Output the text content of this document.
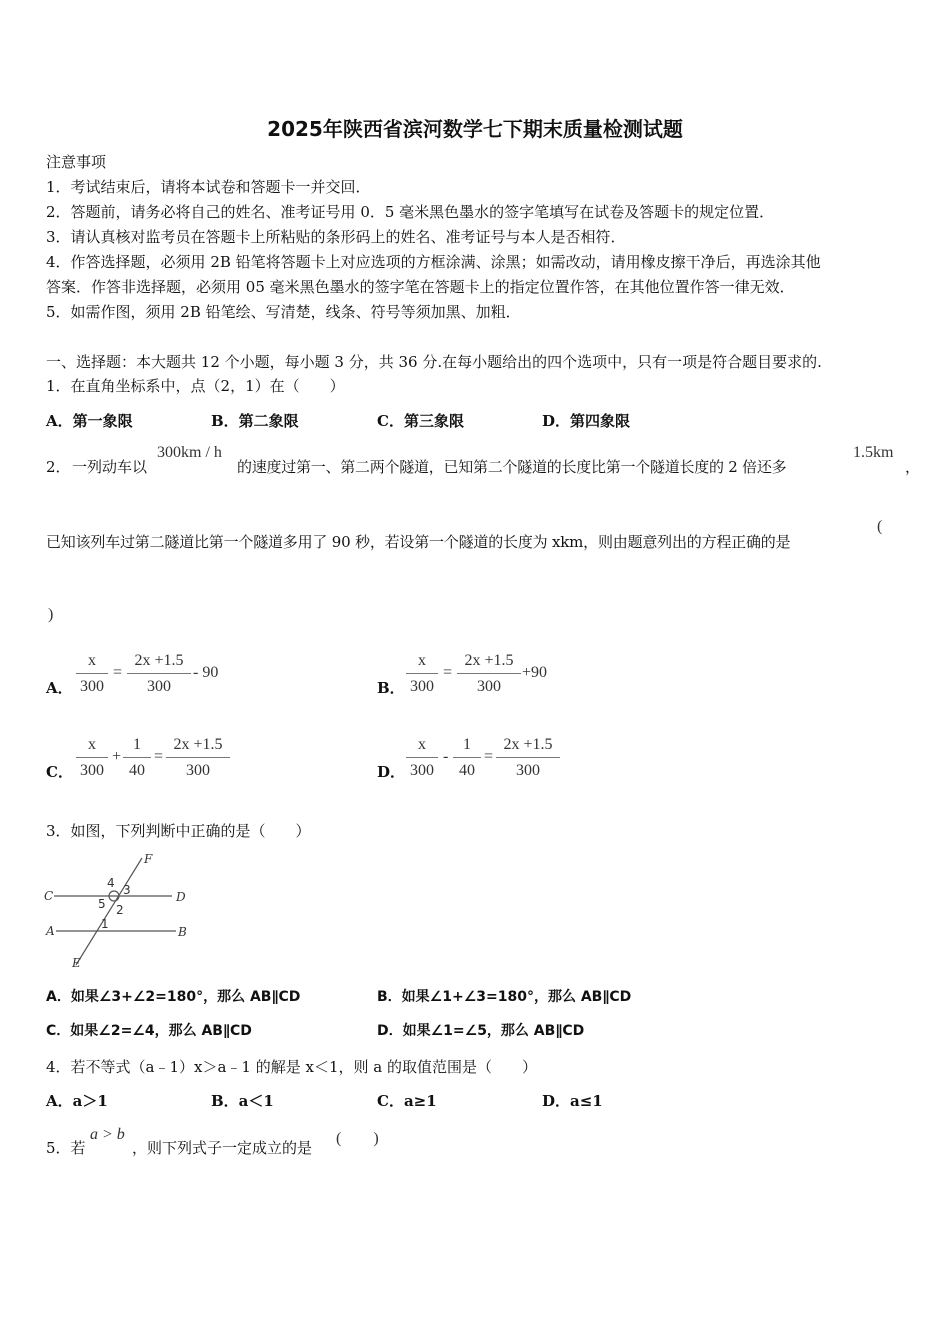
2025年陕西省滨河数学七下期末质量检测试题
注意事项
1．考试结束后，请将本试卷和答题卡一并交回．
2．答题前，请务必将自己的姓名、准考证号用 0．5 毫米黑色墨水的签字笔填写在试卷及答题卡的规定位置．
3．请认真核对监考员在答题卡上所粘贴的条形码上的姓名、准考证号与本人是否相符．
4．作答选择题，必须用 2B 铅笔将答题卡上对应选项的方框涂满、涂黑；如需改动，请用橡皮擦干净后，再选涂其他
答案．作答非选择题，必须用 05 毫米黑色墨水的签字笔在答题卡上的指定位置作答，在其他位置作答一律无效．
5．如需作图，须用 2B 铅笔绘、写清楚，线条、符号等须加黑、加粗．
一、选择题：本大题共 12 个小题，每小题 3 分，共 36 分.在每小题给出的四个选项中，只有一项是符合题目要求的.
1．在直角坐标系中，点（2，1）在（　　）
A．第一象限	B．第二象限	C．第三象限	D．第四象限
2． 一列动车以
300km / h
的速度过第一、第二两个隧道，已知第二个隧道的长度比第一个隧道长度的 2 倍还多
1.5km
，
已知该列车过第二隧道比第一个隧道多用了 90 秒，若设第一个隧道的长度为 xkm，则由题意列出的方程正确的是
(
)
A． $\frac{x}{300} = \frac{2x +1.5}{300} - 90$
B． $\frac{x}{300} = \frac{2x +1.5}{300} +90$
C． $\frac{x}{300} + \frac{1}{40} = \frac{2x +1.5}{300}$	D． $\frac{x}{300} - \frac{1}{40} = \frac{2x +1.5}{300}$
3．如图，下列判断中正确的是（　　）
F
C	D
A	B
E
4 3
5 2
1
A．如果∠3+∠2=180°，那么 AB∥CD	B．如果∠1+∠3=180°，那么 AB∥CD
C．如果∠2=∠4，那么 AB∥CD	D．如果∠1=∠5，那么 AB∥CD
4．若不等式（a﹣1）x＞a﹣1 的解是 x＜1，则 a 的取值范围是（　　）
A．a＞1	B．a＜1	C．a≥1	D．a≤1
5．若
a > b
，则下列式子一定成立的是
(　　)
